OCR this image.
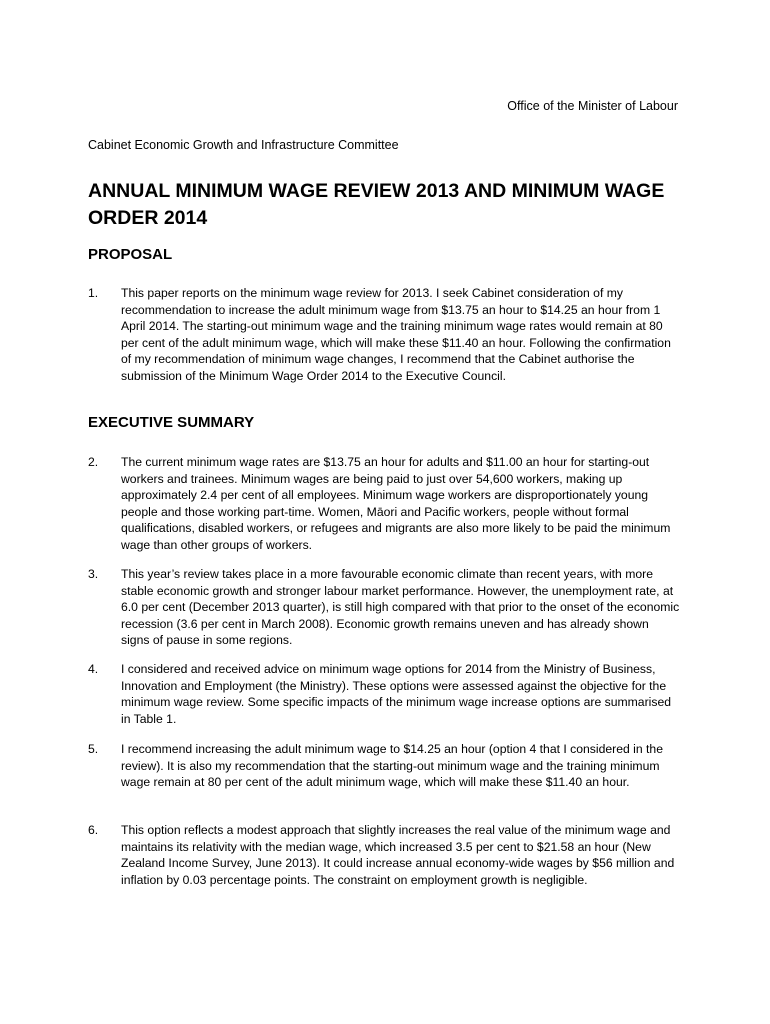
Office of the Minister of Labour
Cabinet Economic Growth and Infrastructure Committee
ANNUAL MINIMUM WAGE REVIEW 2013 AND MINIMUM WAGE ORDER 2014
PROPOSAL
1.	This paper reports on the minimum wage review for 2013. I seek Cabinet consideration of my recommendation to increase the adult minimum wage from $13.75 an hour to $14.25 an hour from 1 April 2014. The starting-out minimum wage and the training minimum wage rates would remain at 80 per cent of the adult minimum wage, which will make these $11.40 an hour. Following the confirmation of my recommendation of minimum wage changes, I recommend that the Cabinet authorise the submission of the Minimum Wage Order 2014 to the Executive Council.
EXECUTIVE SUMMARY
2.	The current minimum wage rates are $13.75 an hour for adults and $11.00 an hour for starting-out workers and trainees. Minimum wages are being paid to just over 54,600 workers, making up approximately 2.4 per cent of all employees. Minimum wage workers are disproportionately young people and those working part-time. Women, Māori and Pacific workers, people without formal qualifications, disabled workers, or refugees and migrants are also more likely to be paid the minimum wage than other groups of workers.
3.	This year’s review takes place in a more favourable economic climate than recent years, with more stable economic growth and stronger labour market performance. However, the unemployment rate, at 6.0 per cent (December 2013 quarter), is still high compared with that prior to the onset of the economic recession (3.6 per cent in March 2008). Economic growth remains uneven and has already shown signs of pause in some regions.
4.	I considered and received advice on minimum wage options for 2014 from the Ministry of Business, Innovation and Employment (the Ministry). These options were assessed against the objective for the minimum wage review. Some specific impacts of the minimum wage increase options are summarised in Table 1.
5.	I recommend increasing the adult minimum wage to $14.25 an hour (option 4 that I considered in the review). It is also my recommendation that the starting-out minimum wage and the training minimum wage remain at 80 per cent of the adult minimum wage, which will make these $11.40 an hour.
6.	This option reflects a modest approach that slightly increases the real value of the minimum wage and maintains its relativity with the median wage, which increased 3.5 per cent to $21.58 an hour (New Zealand Income Survey, June 2013). It could increase annual economy-wide wages by $56 million and inflation by 0.03 percentage points. The constraint on employment growth is negligible.
